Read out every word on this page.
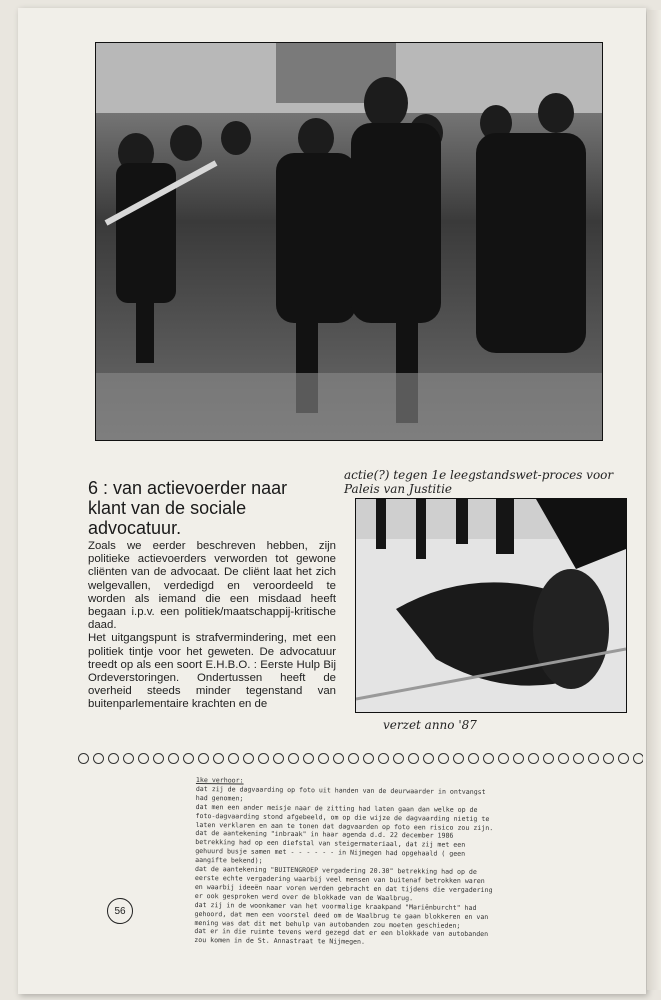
6 : van actievoerder naar klant van de sociale advocatuur.

Zoals we eerder beschreven hebben, zijn politieke actievoerders verworden tot gewone cliënten van de advocaat. De cliënt laat het zich welgevallen, verdedigd en veroordeeld te worden als iemand die een misdaad heeft begaan i.p.v. een politiek/maatschappij-kritische daad.

Het uitgangspunt is strafvermindering, met een politiek tintje voor het geweten. De advocatuur treedt op als een soort E.H.B.O. : Eerste Hulp Bij Ordeverstoringen. Ondertussen heeft de overheid steeds minder tegenstand van buitenparlementaire krachten en de

actie(?) tegen 1e leegstandswet-proces voor Paleis van Justitie
verzet anno '87

1ke verhoor:

dat zij de dagvaarding op foto uit handen van de deurwaarder in ontvangst had genomen;

dat men een ander meisje naar de zitting had laten gaan dan welke op de foto-dagvaarding stond afgebeeld, om op die wijze de dagvaarding nietig te laten verklaren en aan te tonen dat dagvaarden op foto een risico zou zijn.

dat de aantekening "inbraak" in haar agenda d.d. 22 december 1986 betrekking had op een diefstal van steigermateriaal, dat zij met een gehuurd busje samen met - - - - - - in Nijmegen had opgehaald ( geen aangifte bekend);

dat de aantekening "BUITENGROEP vergadering 20.30" betrekking had op de eerste echte vergadering waarbij veel mensen van buitenaf betrokken waren en waarbij ideeën naar voren werden gebracht en dat tijdens die vergadering er ook gesproken werd over de blokkade van de Waalbrug.

dat zij in de woonkamer van het voormalige kraakpand "Mariënburcht" had gehoord, dat men een voorstel deed om de Waalbrug te gaan blokkeren en van mening was dat dit met behulp van autobanden zou moeten geschieden;

dat er in die ruimte tevens werd gezegd dat er een blokkade van autobanden zou komen in de St. Annastraat te Nijmegen.

56
